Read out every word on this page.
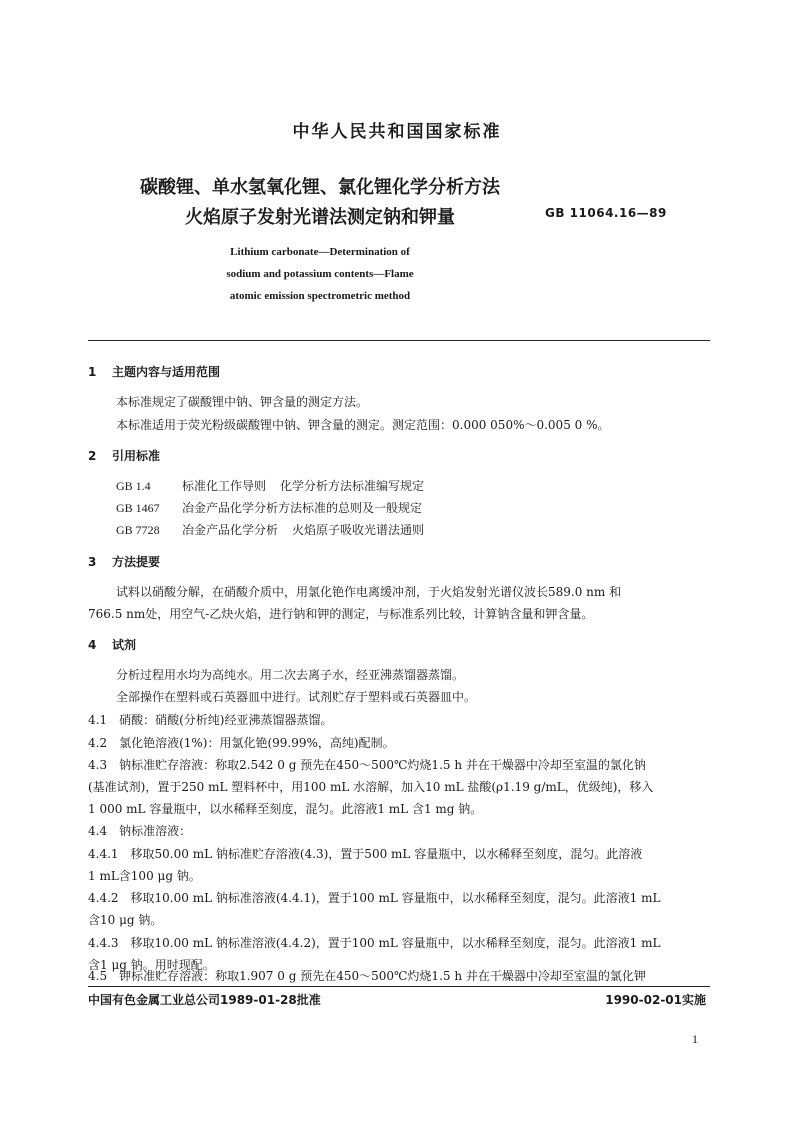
中华人民共和国国家标准
碳酸锂、单水氢氧化锂、氯化锂化学分析方法
火焰原子发射光谱法测定钠和钾量	GB 11064.16—89
Lithium carbonate—Determination of
sodium and potassium contents—Flame
atomic emission spectrometric method
1 主题内容与适用范围
本标准规定了碳酸锂中钠、钾含量的测定方法。
本标准适用于荧光粉级碳酸锂中钠、钾含量的测定。测定范围：0.000 050%～0.005 0 %。
2 引用标准
GB 1.4	标准化工作导则 化学分析方法标准编写规定
GB 1467 冶金产品化学分析方法标准的总则及一般规定
GB 7728 冶金产品化学分析 火焰原子吸收光谱法通则
3 方法提要
试料以硝酸分解，在硝酸介质中，用氯化铯作电离缓冲剂，于火焰发射光谱仪波长589.0 nm 和
766.5 nm处，用空气-乙炔火焰，进行钠和钾的测定，与标准系列比较，计算钠含量和钾含量。
4 试剂
分析过程用水均为高纯水。用二次去离子水，经亚沸蒸馏器蒸馏。
全部操作在塑料或石英器皿中进行。试剂贮存于塑料或石英器皿中。
4.1　硝酸：硝酸(分析纯)经亚沸蒸馏器蒸馏。
4.2　氯化铯溶液(1%)：用氯化铯(99.99%，高纯)配制。
4.3　钠标准贮存溶液：称取2.542 0 g 预先在450～500℃灼烧1.5 h 并在干燥器中冷却至室温的氯化钠
(基准试剂)，置于250 mL 塑料杯中，用100 mL 水溶解，加入10 mL 盐酸(ρ1.19 g/mL，优级纯)，移入
1 000 mL 容量瓶中，以水稀释至刻度，混匀。此溶液1 mL 含1 mg 钠。
4.4　钠标准溶液：
4.4.1　移取50.00 mL 钠标准贮存溶液(4.3)，置于500 mL 容量瓶中，以水稀释至刻度，混匀。此溶液
1 mL含100 μg 钠。
4.4.2　移取10.00 mL 钠标准溶液(4.4.1)，置于100 mL 容量瓶中，以水稀释至刻度，混匀。此溶液1 mL
含10 μg 钠。
4.4.3　移取10.00 mL 钠标准溶液(4.4.2)，置于100 mL 容量瓶中，以水稀释至刻度，混匀。此溶液1 mL
含1 μg 钠。用时现配。
4.5　钾标准贮存溶液：称取1.907 0 g 预先在450～500℃灼烧1.5 h 并在干燥器中冷却至室温的氯化钾
中国有色金属工业总公司1989-01-28批准	1990-02-01实施
1
